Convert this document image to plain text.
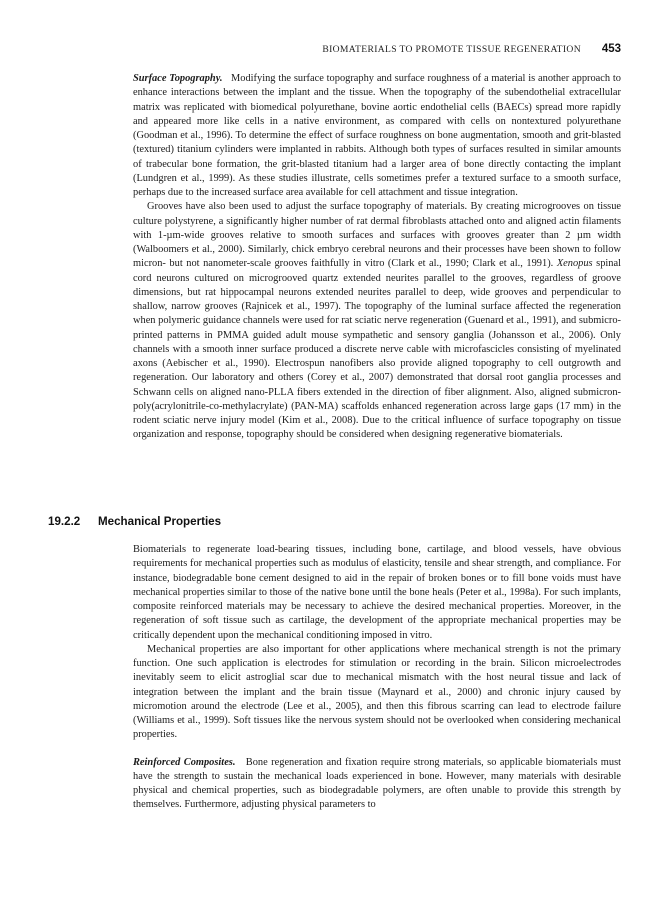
BIOMATERIALS TO PROMOTE TISSUE REGENERATION 453

Surface Topography. Modifying the surface topography and surface roughness of a material is another approach to enhance interactions between the implant and the tissue. When the topography of the subendothelial extracellular matrix was replicated with biomedical polyurethane, bovine aortic endothelial cells (BAECs) spread more rapidly and appeared more like cells in a native environment, as compared with cells on nontextured polyurethane (Goodman et al., 1996). To determine the effect of surface roughness on bone augmentation, smooth and grit-blasted (textured) titanium cylinders were implanted in rabbits. Although both types of surfaces resulted in similar amounts of trabecular bone formation, the grit-blasted titanium had a larger area of bone directly contacting the implant (Lundgren et al., 1999). As these studies illustrate, cells sometimes prefer a textured surface to a smooth surface, perhaps due to the increased surface area available for cell attachment and tissue integration.

Grooves have also been used to adjust the surface topography of materials. By creating microgrooves on tissue culture polystyrene, a significantly higher number of rat dermal fibroblasts attached onto and aligned actin filaments with 1-µm-wide grooves relative to smooth surfaces and surfaces with grooves greater than 2 µm width (Walboomers et al., 2000). Similarly, chick embryo cerebral neurons and their processes have been shown to follow micron- but not nanometer-scale grooves faithfully in vitro (Clark et al., 1990; Clark et al., 1991). Xenopus spinal cord neurons cultured on microgrooved quartz extended neurites parallel to the grooves, regardless of groove dimensions, but rat hippocampal neurons extended neurites parallel to deep, wide grooves and perpendicular to shallow, narrow grooves (Rajnicek et al., 1997). The topography of the luminal surface affected the regeneration when polymeric guidance channels were used for rat sciatic nerve regeneration (Guenard et al., 1991), and submicro-printed patterns in PMMA guided adult mouse sympathetic and sensory ganglia (Johansson et al., 2006). Only channels with a smooth inner surface produced a discrete nerve cable with microfascicles consisting of myelinated axons (Aebischer et al., 1990). Electrospun nanofibers also provide aligned topography to cell outgrowth and regeneration. Our laboratory and others (Corey et al., 2007) demonstrated that dorsal root ganglia processes and Schwann cells on aligned nano-PLLA fibers extended in the direction of fiber alignment. Also, aligned submicron-poly(acrylonitrile-co-methylacrylate) (PAN-MA) scaffolds enhanced regeneration across large gaps (17 mm) in the rodent sciatic nerve injury model (Kim et al., 2008). Due to the critical influence of surface topography on tissue organization and response, topography should be considered when designing regenerative biomaterials.

19.2.2 Mechanical Properties

Biomaterials to regenerate load-bearing tissues, including bone, cartilage, and blood vessels, have obvious requirements for mechanical properties such as modulus of elasticity, tensile and shear strength, and compliance. For instance, biodegradable bone cement designed to aid in the repair of broken bones or to fill bone voids must have mechanical properties similar to those of the native bone until the bone heals (Peter et al., 1998a). For such implants, composite reinforced materials may be necessary to achieve the desired mechanical properties. Moreover, in the regeneration of soft tissue such as cartilage, the development of the appropriate mechanical properties may be critically dependent upon the mechanical conditioning imposed in vitro.

Mechanical properties are also important for other applications where mechanical strength is not the primary function. One such application is electrodes for stimulation or recording in the brain. Silicon microelectrodes inevitably seem to elicit astroglial scar due to mechanical mismatch with the host neural tissue and lack of integration between the implant and the brain tissue (Maynard et al., 2000) and chronic injury caused by micromotion around the electrode (Lee et al., 2005), and then this fibrous scarring can lead to electrode failure (Williams et al., 1999). Soft tissues like the nervous system should not be overlooked when considering mechanical properties.

Reinforced Composites. Bone regeneration and fixation require strong materials, so applicable biomaterials must have the strength to sustain the mechanical loads experienced in bone. However, many materials with desirable physical and chemical properties, such as biodegradable polymers, are often unable to provide this strength by themselves. Furthermore, adjusting physical parameters to
